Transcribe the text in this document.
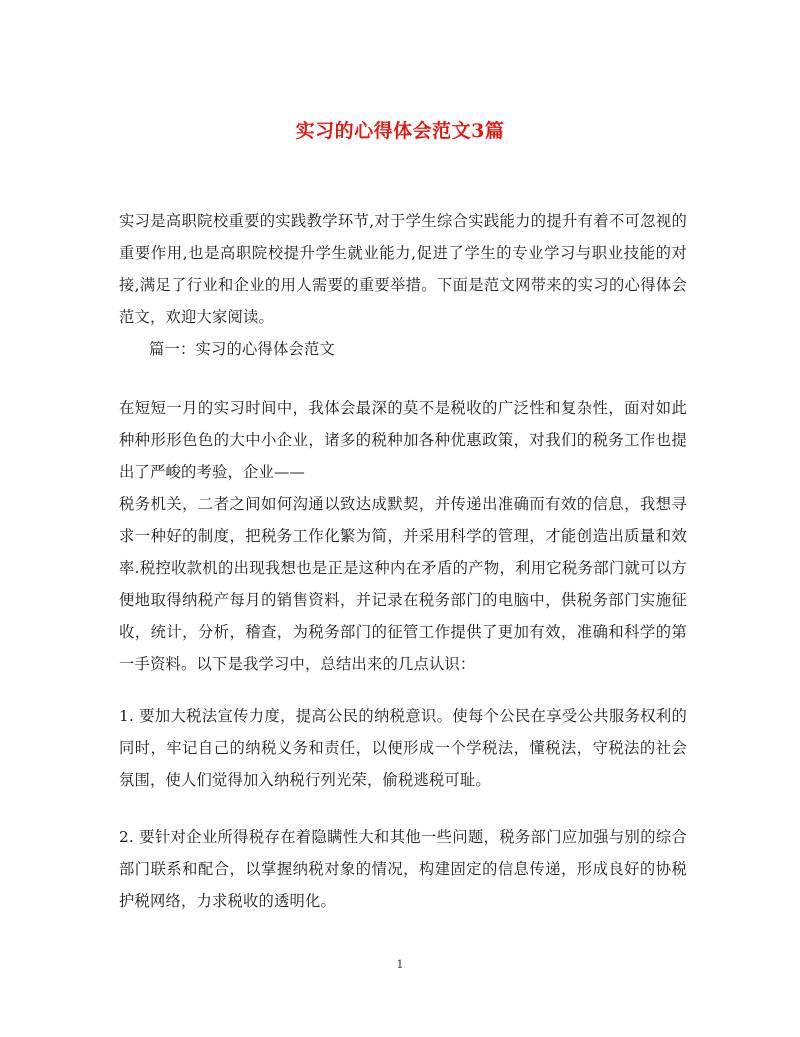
实习的心得体会范文3篇

实习是高职院校重要的实践教学环节,对于学生综合实践能力的提升有着不可忽视的重要作用,也是高职院校提升学生就业能力,促进了学生的专业学习与职业技能的对接,满足了行业和企业的用人需要的重要举措。下面是范文网带来的实习的心得体会范文，欢迎大家阅读。

篇一：实习的心得体会范文

在短短一月的实习时间中，我体会最深的莫不是税收的广泛性和复杂性，面对如此种种形形色色的大中小企业，诸多的税种加各种优惠政策，对我们的税务工作也提出了严峻的考验，企业——

税务机关，二者之间如何沟通以致达成默契，并传递出准确而有效的信息，我想寻求一种好的制度，把税务工作化繁为简，并采用科学的管理，才能创造出质量和效率.税控收款机的出现我想也是正是这种内在矛盾的产物，利用它税务部门就可以方便地取得纳税产每月的销售资料，并记录在税务部门的电脑中，供税务部门实施征收，统计，分析，稽查，为税务部门的征管工作提供了更加有效，准确和科学的第一手资料。以下是我学习中，总结出来的几点认识：

1. 要加大税法宣传力度，提高公民的纳税意识。使每个公民在享受公共服务权利的同时，牢记自己的纳税义务和责任，以便形成一个学税法，懂税法，守税法的社会氛围，使人们觉得加入纳税行列光荣，偷税逃税可耻。

2. 要针对企业所得税存在着隐瞒性大和其他一些问题，税务部门应加强与别的综合部门联系和配合，以掌握纳税对象的情况，构建固定的信息传递，形成良好的协税护税网络，力求税收的透明化。

1
